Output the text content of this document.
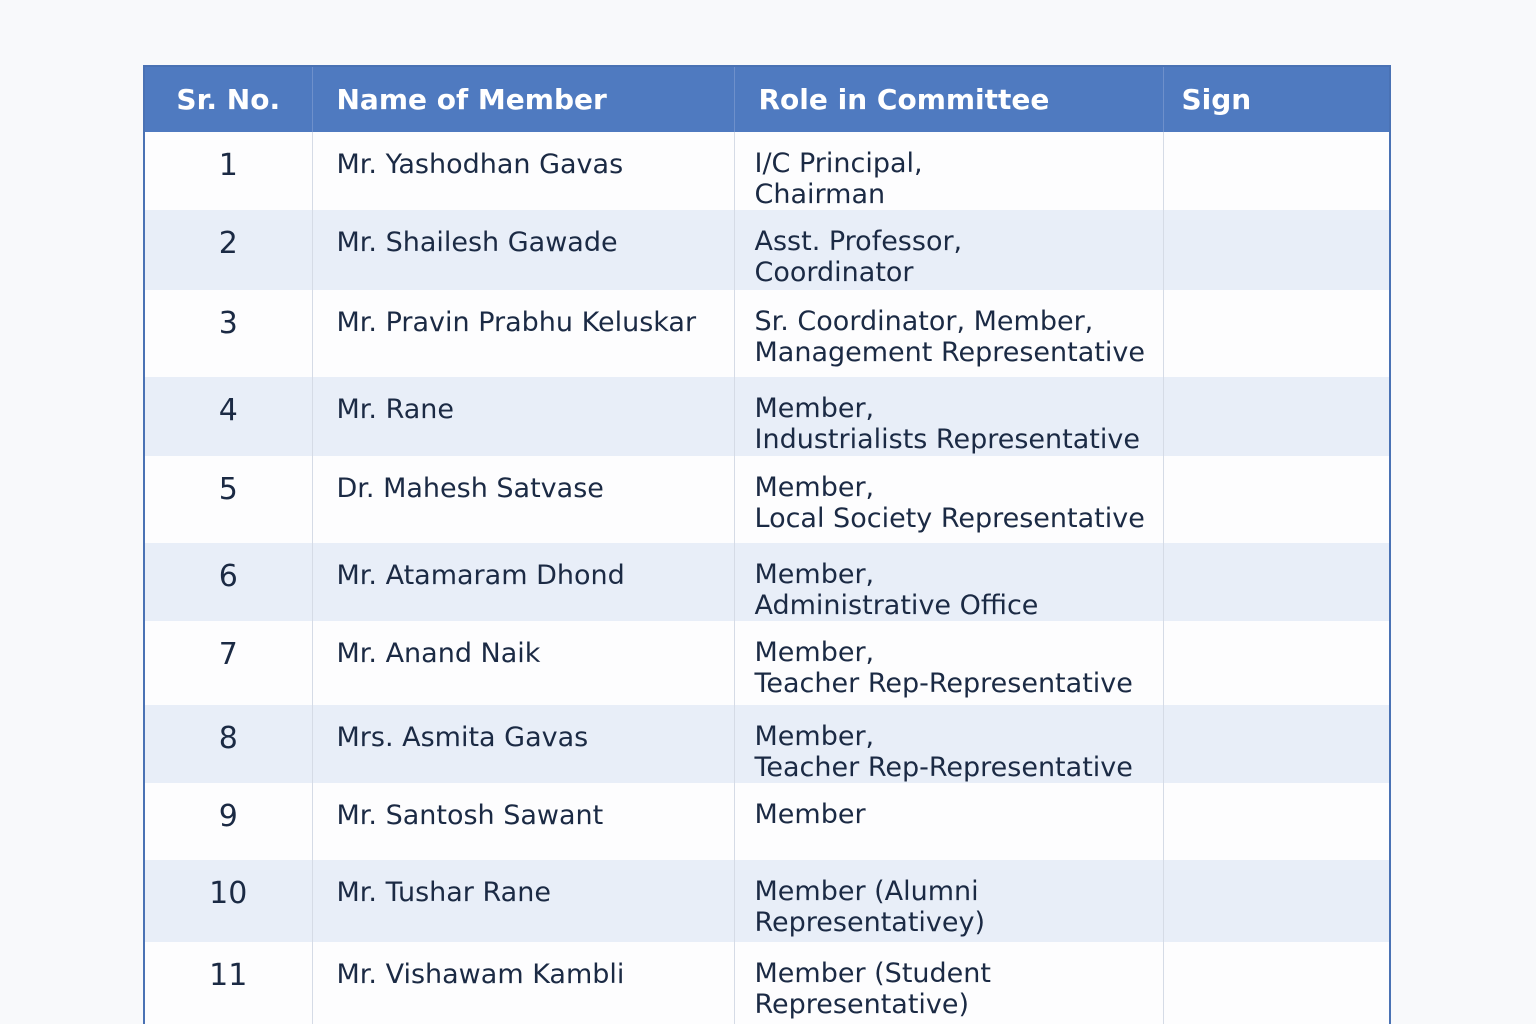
Sr. No.	Name of Member	Role in Committee	Sign
1	Mr. Yashodhan Gavas	I/C Principal,
Chairman	

2	Mr. Shailesh Gawade	Asst. Professor,
Coordinator	

3	Mr. Pravin Prabhu Keluskar	Sr. Coordinator, Member,
Management Representative	

4	Mr. Rane	Member,
Industrialists Representative	

5	Dr. Mahesh Satvase	Member,
Local Society Representative	

6	Mr. Atamaram Dhond	Member,
Administrative Office	

7	Mr. Anand Naik	Member,
Teacher Rep-Representative	

8	Mrs. Asmita Gavas	Member,
Teacher Rep-Representative	

9	Mr. Santosh Sawant	Member	

10	Mr. Tushar Rane	Member (Alumni
Representativey)	

11	Mr. Vishawam Kambli	Member (Student
Representative)	
